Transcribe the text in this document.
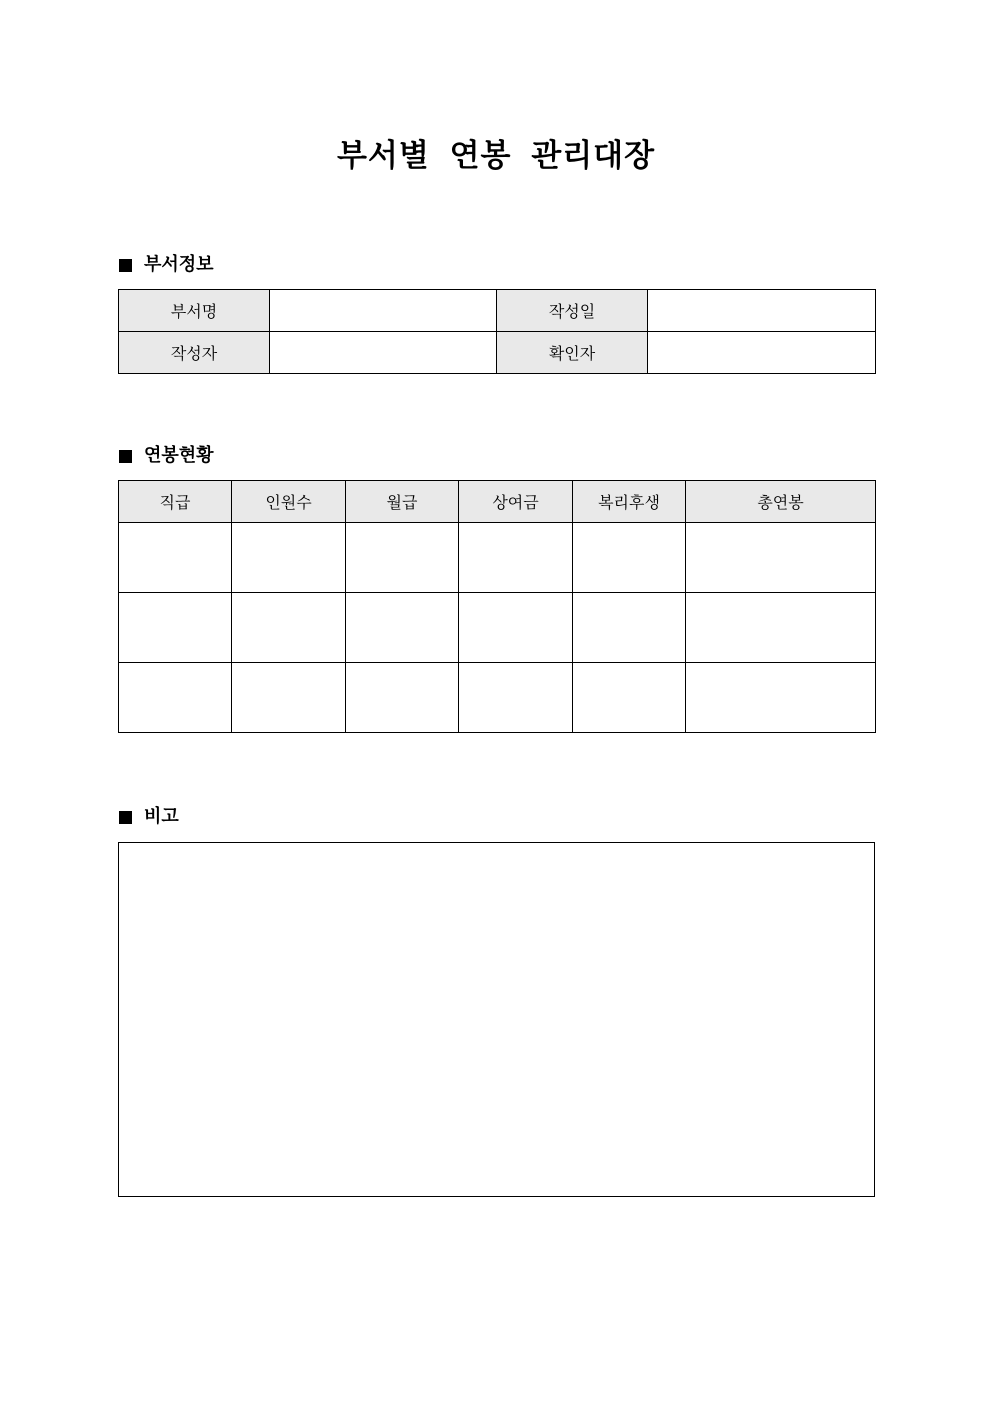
부서별 연봉 관리대장
부서정보
부서명		작성일	
작성자		확인자	
연봉현황
직급	인원수	월급	상여금	복리후생	총연봉

비고
